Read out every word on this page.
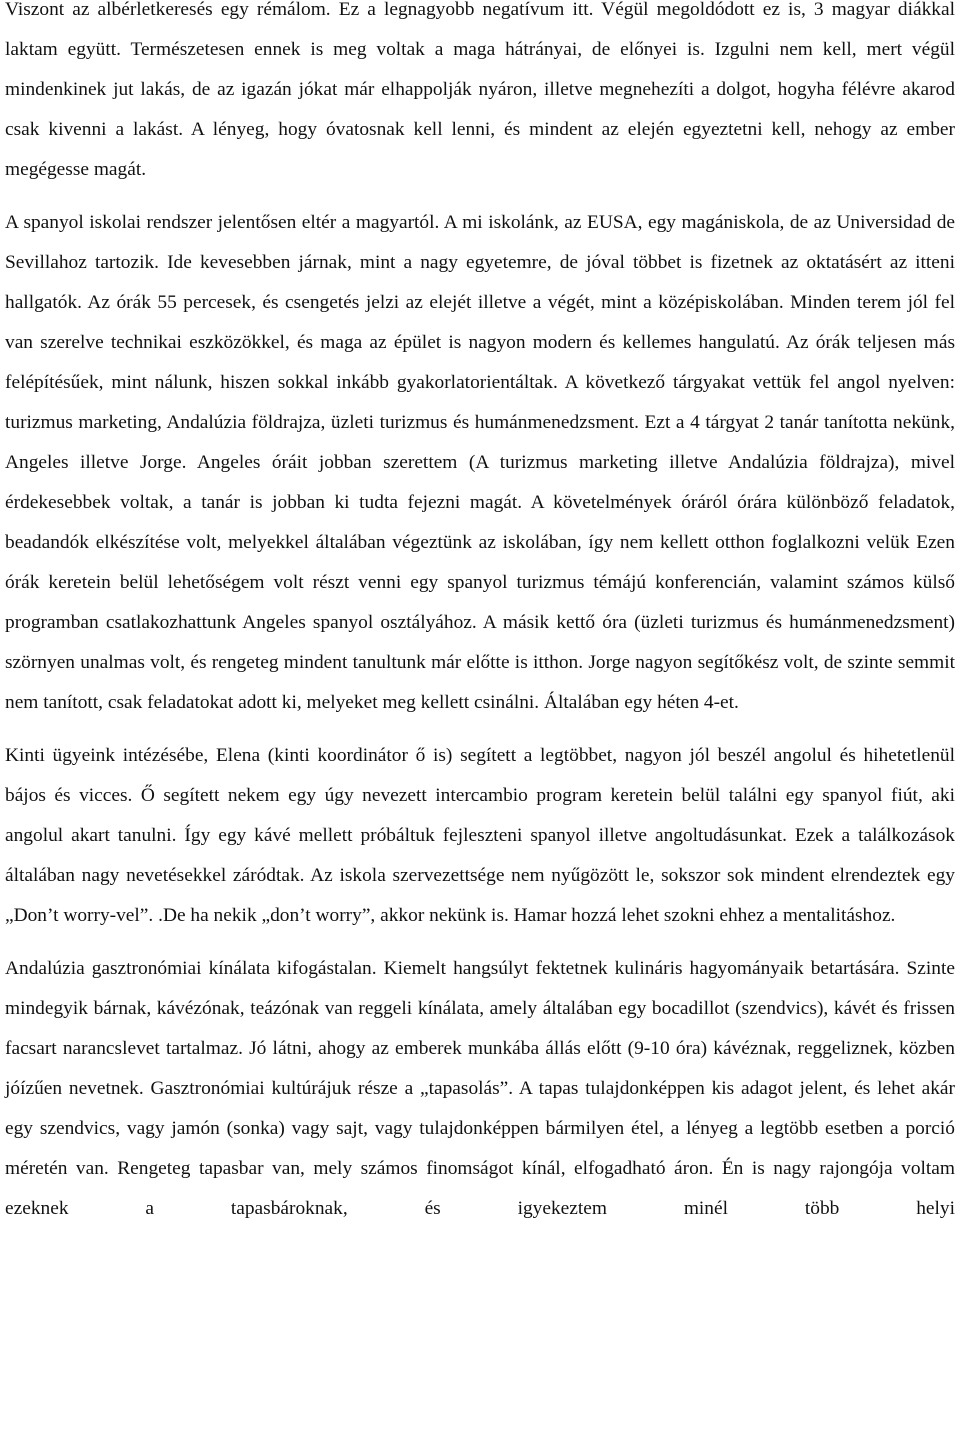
Viszont az albérletkeresés egy rémálom. Ez a legnagyobb negatívum itt. Végül megoldódott ez is, 3 magyar diákkal laktam együtt. Természetesen ennek is meg voltak a maga hátrányai, de előnyei is. Izgulni nem kell, mert végül mindenkinek jut lakás, de az igazán jókat már elhappolják nyáron, illetve megnehezíti a dolgot, hogyha félévre akarod csak kivenni a lakást. A lényeg, hogy óvatosnak kell lenni, és mindent az elején egyeztetni kell, nehogy az ember megégesse magát.

A spanyol iskolai rendszer jelentősen eltér a magyartól. A mi iskolánk, az EUSA, egy magániskola, de az Universidad de Sevillahoz tartozik. Ide kevesebben járnak, mint a nagy egyetemre, de jóval többet is fizetnek az oktatásért az itteni hallgatók. Az órák 55 percesek, és csengetés jelzi az elejét illetve a végét, mint a középiskolában. Minden terem jól fel van szerelve technikai eszközökkel, és maga az épület is nagyon modern és kellemes hangulatú. Az órák teljesen más felépítésűek, mint nálunk, hiszen sokkal inkább gyakorlatorientáltak. A következő tárgyakat vettük fel angol nyelven: turizmus marketing, Andalúzia földrajza, üzleti turizmus és humánmenedzsment. Ezt a 4 tárgyat 2 tanár tanította nekünk, Angeles illetve Jorge. Angeles óráit jobban szerettem (A turizmus marketing illetve Andalúzia földrajza), mivel érdekesebbek voltak, a tanár is jobban ki tudta fejezni magát. A követelmények óráról órára különböző feladatok, beadandók elkészítése volt, melyekkel általában végeztünk az iskolában, így nem kellett otthon foglalkozni velük Ezen órák keretein belül lehetőségem volt részt venni egy spanyol turizmus témájú konferencián, valamint számos külső programban csatlakozhattunk Angeles spanyol osztályához. A másik kettő óra (üzleti turizmus és humánmenedzsment) szörnyen unalmas volt, és rengeteg mindent tanultunk már előtte is itthon. Jorge nagyon segítőkész volt, de szinte semmit nem tanított, csak feladatokat adott ki, melyeket meg kellett csinálni. Általában egy héten 4-et.

Kinti ügyeink intézésébe, Elena (kinti koordinátor ő is) segített a legtöbbet, nagyon jól beszél angolul és hihetetlenül bájos és vicces. Ő segített nekem egy úgy nevezett intercambio program keretein belül találni egy spanyol fiút, aki angolul akart tanulni. Így egy kávé mellett próbáltuk fejleszteni spanyol illetve angoltudásunkat. Ezek a találkozások általában nagy nevetésekkel záródtak. Az iskola szervezettsége nem nyűgözött le, sokszor sok mindent elrendeztek egy „Don’t worry-vel”. .De ha nekik „don’t worry”, akkor nekünk is. Hamar hozzá lehet szokni ehhez a mentalitáshoz.

Andalúzia gasztronómiai kínálata kifogástalan. Kiemelt hangsúlyt fektetnek kulináris hagyományaik betartására. Szinte mindegyik bárnak, kávézónak, teázónak van reggeli kínálata, amely általában egy bocadillot (szendvics), kávét és frissen facsart narancslevet tartalmaz. Jó látni, ahogy az emberek munkába állás előtt (9-10 óra) kávéznak, reggeliznek, közben jóízűen nevetnek. Gasztronómiai kultúrájuk része a „tapasolás”. A tapas tulajdonképpen kis adagot jelent, és lehet akár egy szendvics, vagy jamón (sonka) vagy sajt, vagy tulajdonképpen bármilyen étel, a lényeg a legtöbb esetben a porció méretén van. Rengeteg tapasbar van, mely számos finomságot kínál, elfogadható áron. Én is nagy rajongója voltam ezeknek a tapasbároknak, és igyekeztem minél több helyi
